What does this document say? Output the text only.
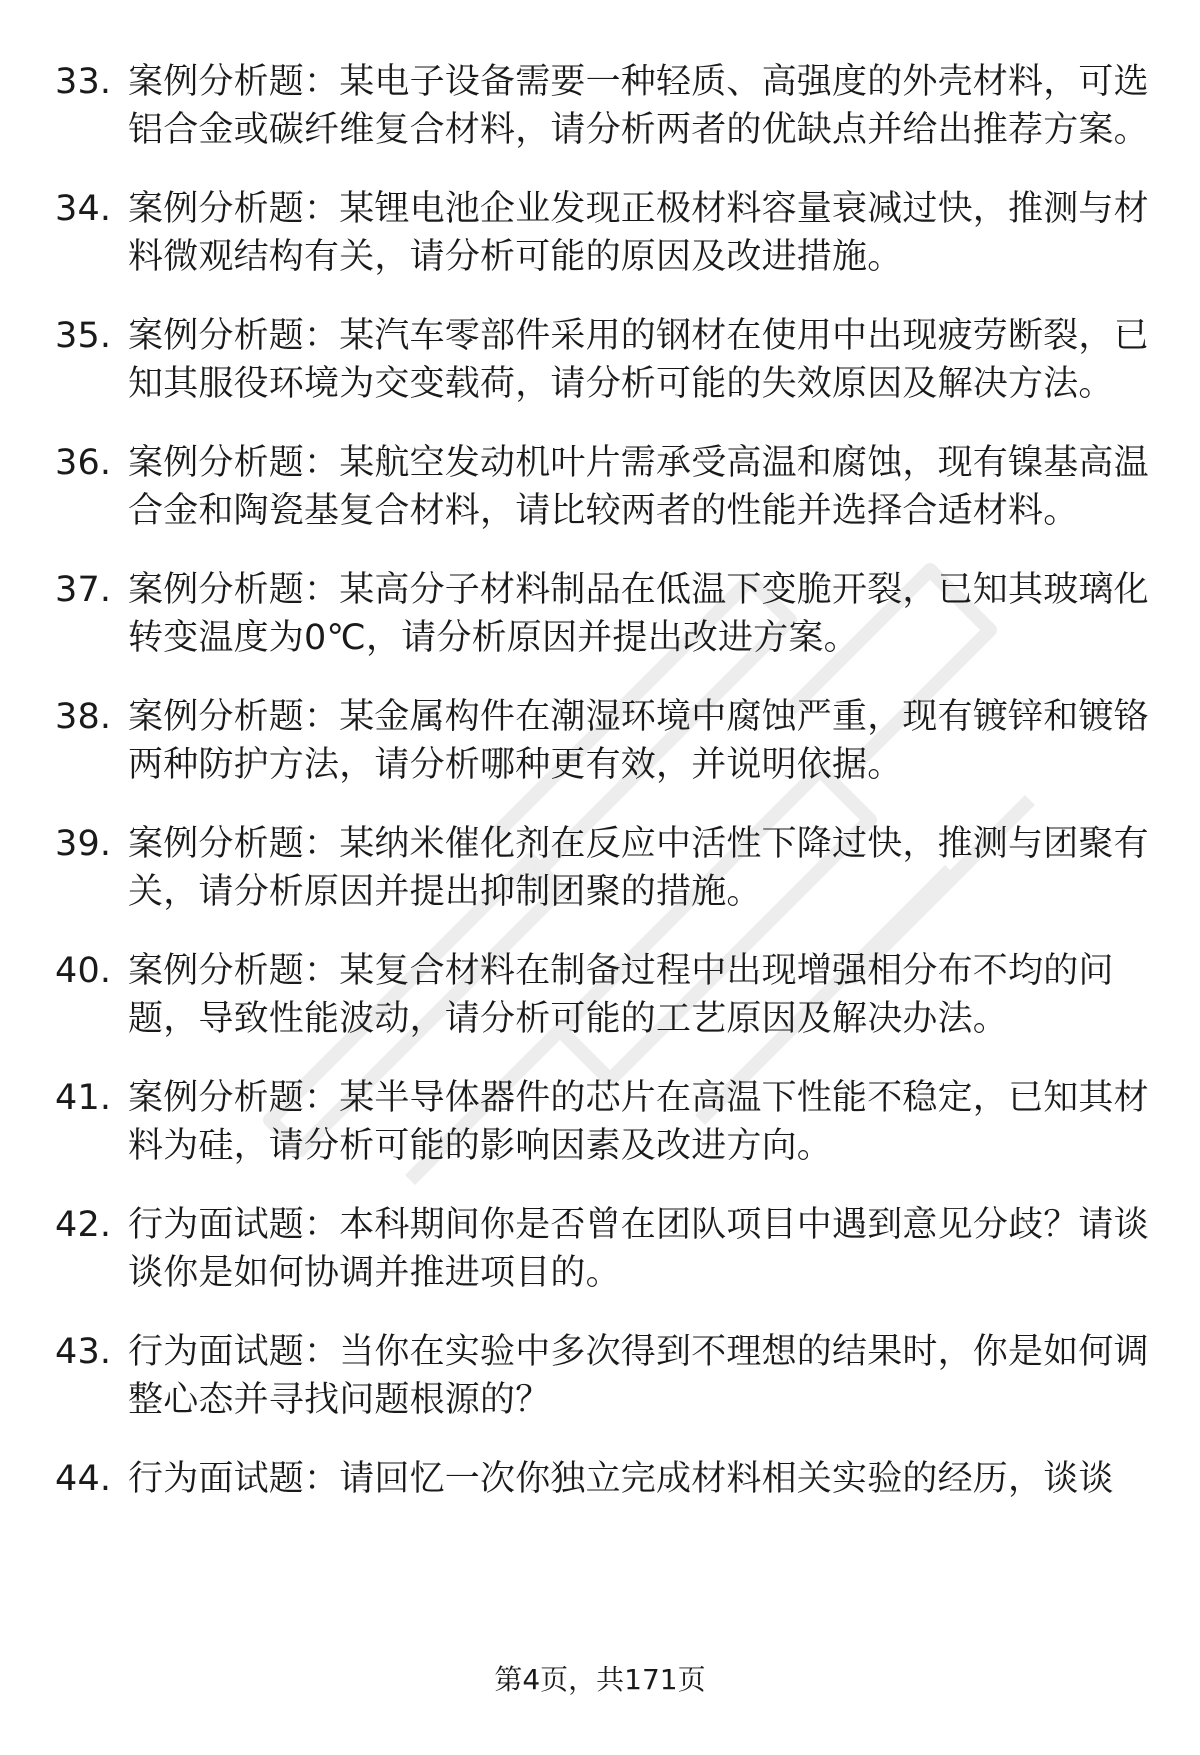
33. 案例分析题：某电子设备需要一种轻质、高强度的外壳材料，可选铝合金或碳纤维复合材料，请分析两者的优缺点并给出推荐方案。
34. 案例分析题：某锂电池企业发现正极材料容量衰减过快，推测与材料微观结构有关，请分析可能的原因及改进措施。
35. 案例分析题：某汽车零部件采用的钢材在使用中出现疲劳断裂，已知其服役环境为交变载荷，请分析可能的失效原因及解决方法。
36. 案例分析题：某航空发动机叶片需承受高温和腐蚀，现有镍基高温合金和陶瓷基复合材料，请比较两者的性能并选择合适材料。
37. 案例分析题：某高分子材料制品在低温下变脆开裂，已知其玻璃化转变温度为0℃，请分析原因并提出改进方案。
38. 案例分析题：某金属构件在潮湿环境中腐蚀严重，现有镀锌和镀铬两种防护方法，请分析哪种更有效，并说明依据。
39. 案例分析题：某纳米催化剂在反应中活性下降过快，推测与团聚有关，请分析原因并提出抑制团聚的措施。
40. 案例分析题：某复合材料在制备过程中出现增强相分布不均的问题，导致性能波动，请分析可能的工艺原因及解决办法。
41. 案例分析题：某半导体器件的芯片在高温下性能不稳定，已知其材料为硅，请分析可能的影响因素及改进方向。
42. 行为面试题：本科期间你是否曾在团队项目中遇到意见分歧？请谈谈你是如何协调并推进项目的。
43. 行为面试题：当你在实验中多次得到不理想的结果时，你是如何调整心态并寻找问题根源的？
44. 行为面试题：请回忆一次你独立完成材料相关实验的经历，谈谈
第4页，共171页
